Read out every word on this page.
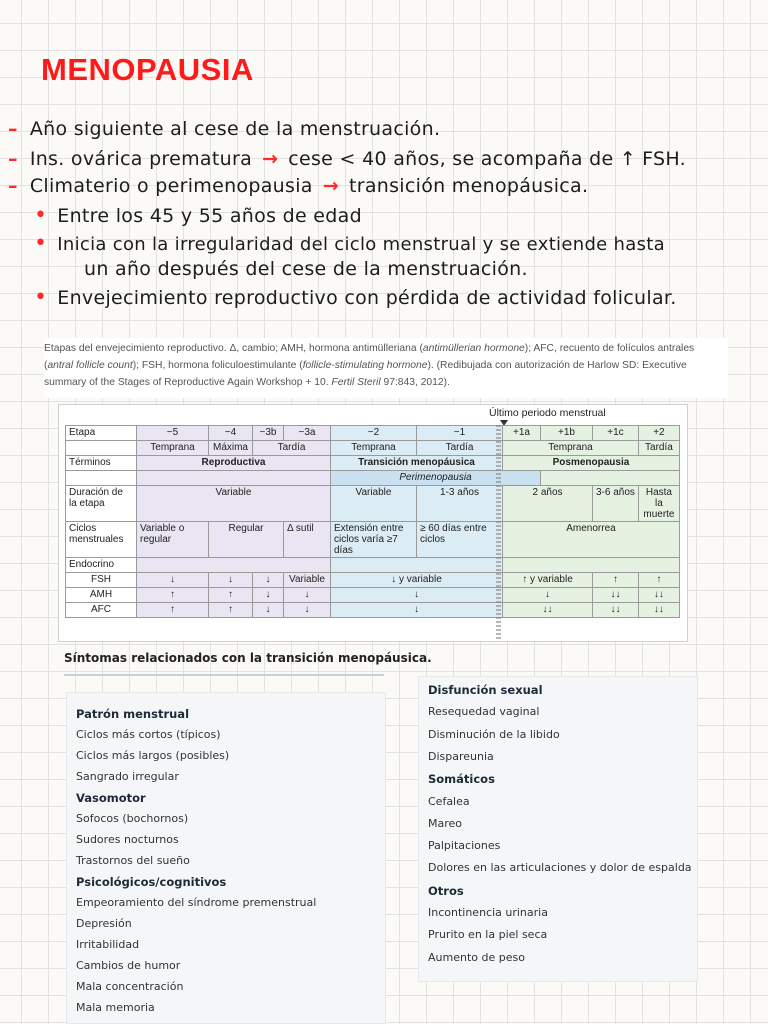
MENOPAUSIA
– Año siguiente al cese de la menstruación.
– Ins. ovárica prematura → cese < 40 años, se acompaña de ↑ FSH.
– Climaterio o perimenopausia → transición menopáusica.
• Entre los 45 y 55 años de edad
• Inicia con la irregularidad del ciclo menstrual y se extiende hasta
un año después del cese de la menstruación.
• Envejecimiento reproductivo con pérdida de actividad folicular.
Etapas del envejecimiento reproductivo. Δ, cambio; AMH, hormona antimülleriana (antimüllerian hormone); AFC, recuento de folículos antrales (antral follicle count); FSH, hormona foliculoestimulante (follicle-stimulating hormone). (Redibujada con autorización de Harlow SD: Executive summary of the Stages of Reproductive Again Workshop + 10. Fertil Steril 97:843, 2012).
Último periodo menstrual
Etapa	−5	−4	−3b	−3a	−2	−1	+1a	+1b	+1c	+2
	Temprana	Máxima	Tardía		Temprana	Tardía	Temprana			Tardía
Términos	Reproductiva				Transición menopáusica		Posmenopausia			
					Perimenopausia					
Duración de la etapa	Variable				Variable	1-3 años	2 años		3-6 años	Hasta la muerte
Ciclos menstruales	Variable o regular	Regular		Δ sutil	Extensión entre ciclos varía ≥7 días	≥ 60 días entre ciclos	Amenorrea			
Endocrino										
FSH	↓	↓	↓	Variable	↓ y variable		↑ y variable		↑	↑
AMH	↑	↑	↓	↓	↓		↓		↓↓	↓↓
AFC	↑	↑	↓	↓	↓		↓↓		↓↓	↓↓
Síntomas relacionados con la transición menopáusica.
Patrón menstrual
Ciclos más cortos (típicos)
Ciclos más largos (posibles)
Sangrado irregular
Vasomotor
Sofocos (bochornos)
Sudores nocturnos
Trastornos del sueño
Psicológicos/cognitivos
Empeoramiento del síndrome premenstrual
Depresión
Irritabilidad
Cambios de humor
Mala concentración
Mala memoria
Disfunción sexual
Resequedad vaginal
Disminución de la libido
Dispareunia
Somáticos
Cefalea
Mareo
Palpitaciones
Dolores en las articulaciones y dolor de espalda
Otros
Incontinencia urinaria
Prurito en la piel seca
Aumento de peso
